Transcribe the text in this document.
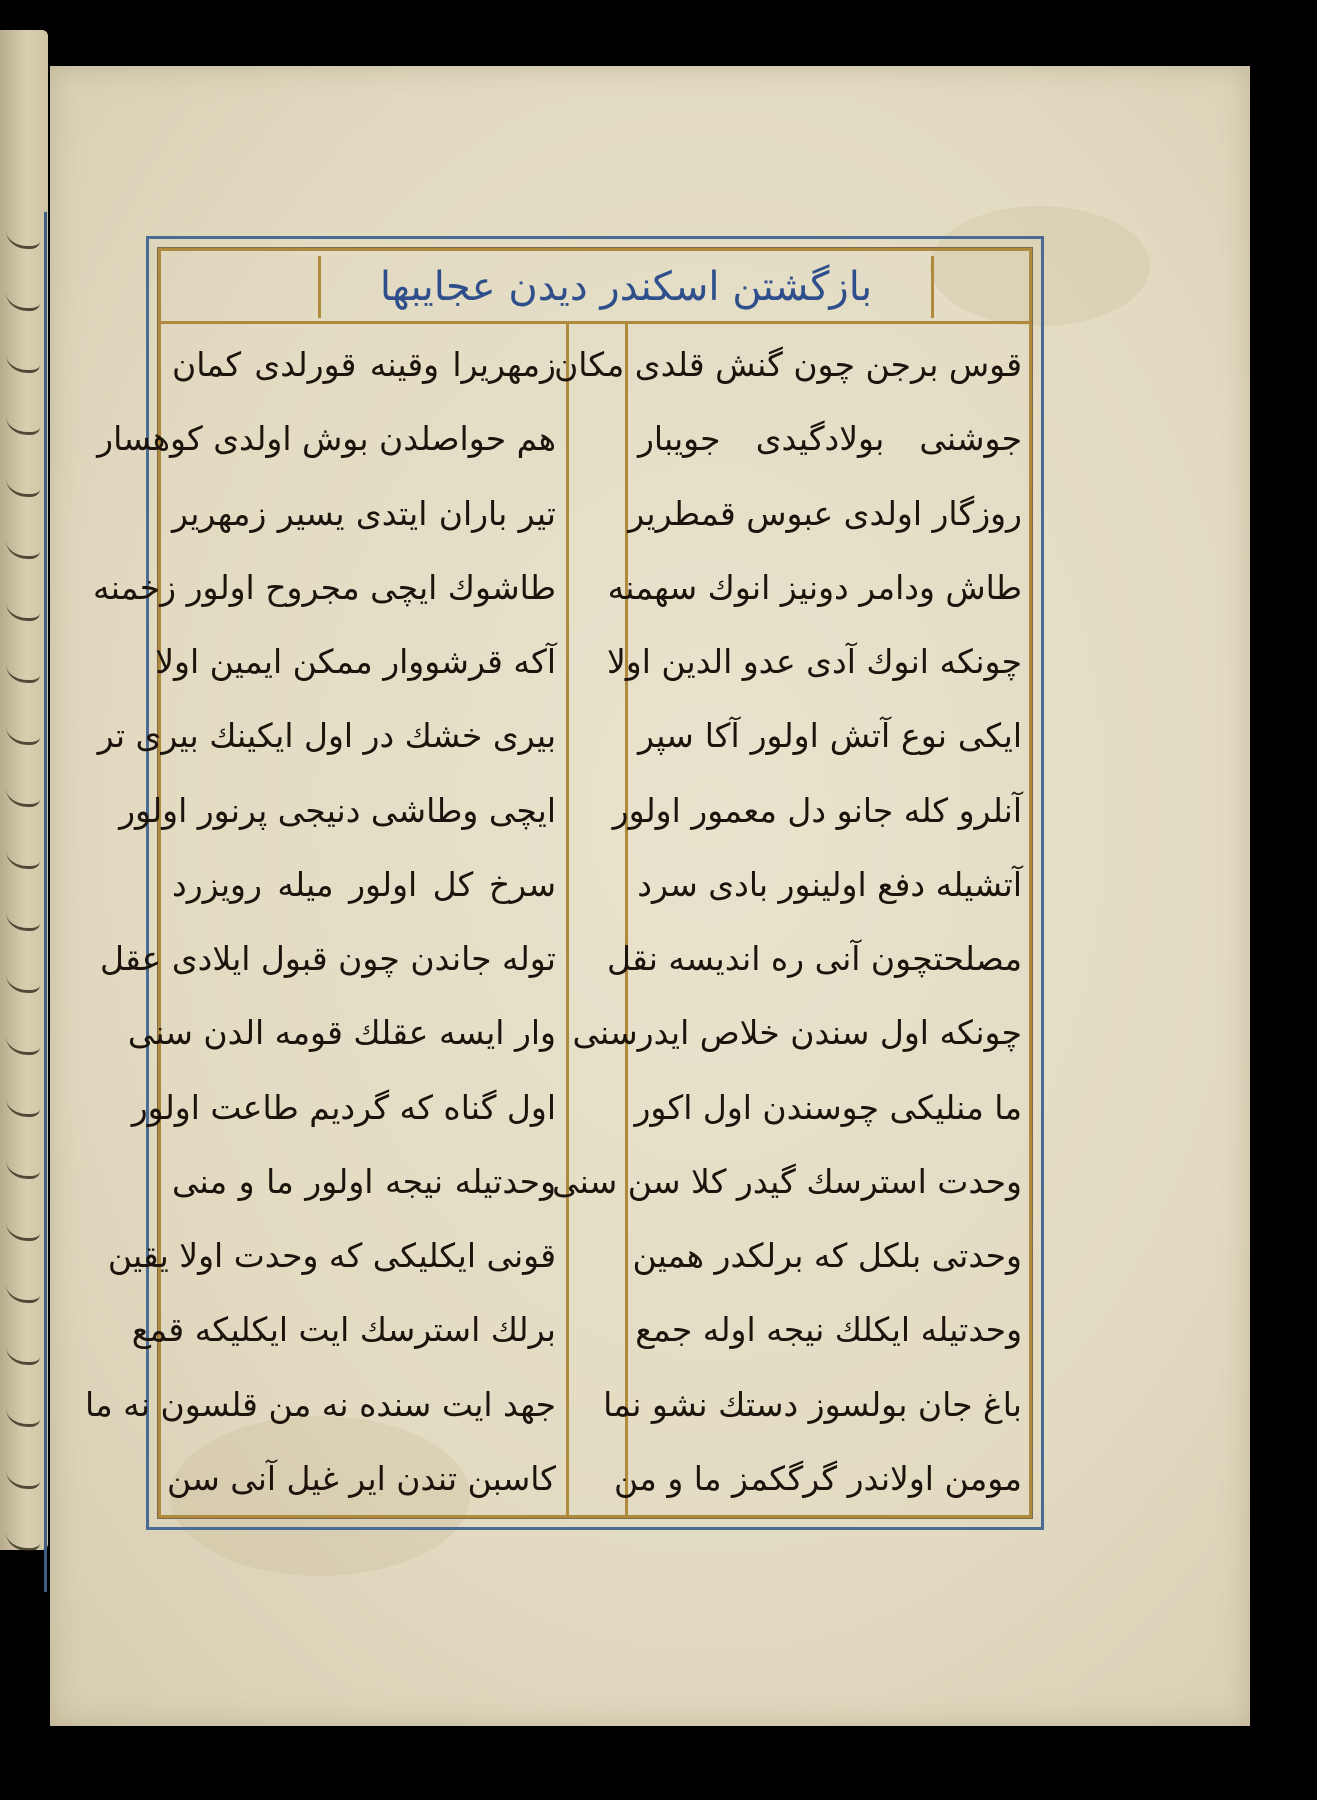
بازگشتن اسکندر دیدن عجایبها
قوس برجن چون گنش قلدی مکان
جوشنی بولادگیدی جویبار
روزگار اولدی عبوس قمطریر
طاش ودامر دونیز انوك سهمنه
چونکه انوك آدی عدو الدین اولا
ایکی نوع آتش اولور آکا سپر
آنلرو کله جانو دل معمور اولور
آتشیله دفع اولینور بادی سرد
مصلحتچون آنی ره اندیسه نقل
چونکه اول سندن خلاص ایدرسنی
ما منلیکی چوسندن اول اکور
وحدت استرسك گیدر کلا سن سنی
وحدتی بلکل که برلکدر همین
وحدتیله ایکلك نیجه اوله جمع
باغ جان بولسوز دستك نشو نما
مومن اولاندر گرگکمز ما و من
زمهریرا وقینه قورلدی کمان
هم حواصلدن بوش اولدی کوهسار
تیر باران ایتدی یسیر زمهریر
طاشوك ایچی مجروح اولور زخمنه
آکه قرشووار ممکن ایمین اولا
بیری خشك در اول ایکینك بیری تر
ایچی وطاشی دنیجی پرنور اولور
سرخ کل اولور میله رویزرد
توله جاندن چون قبول ایلادی عقل
وار ایسه عقلك قومه الدن سنی
اول گناه که گردیم طاعت اولور
وحدتیله نیجه اولور ما و منی
قونی ایکلیکی که وحدت اولا یقین
برلك استرسك ایت ایکلیکه قمع
جهد ایت سنده نه من قلسون نه ما
کاسبن تندن ایر غیل آنی سن
